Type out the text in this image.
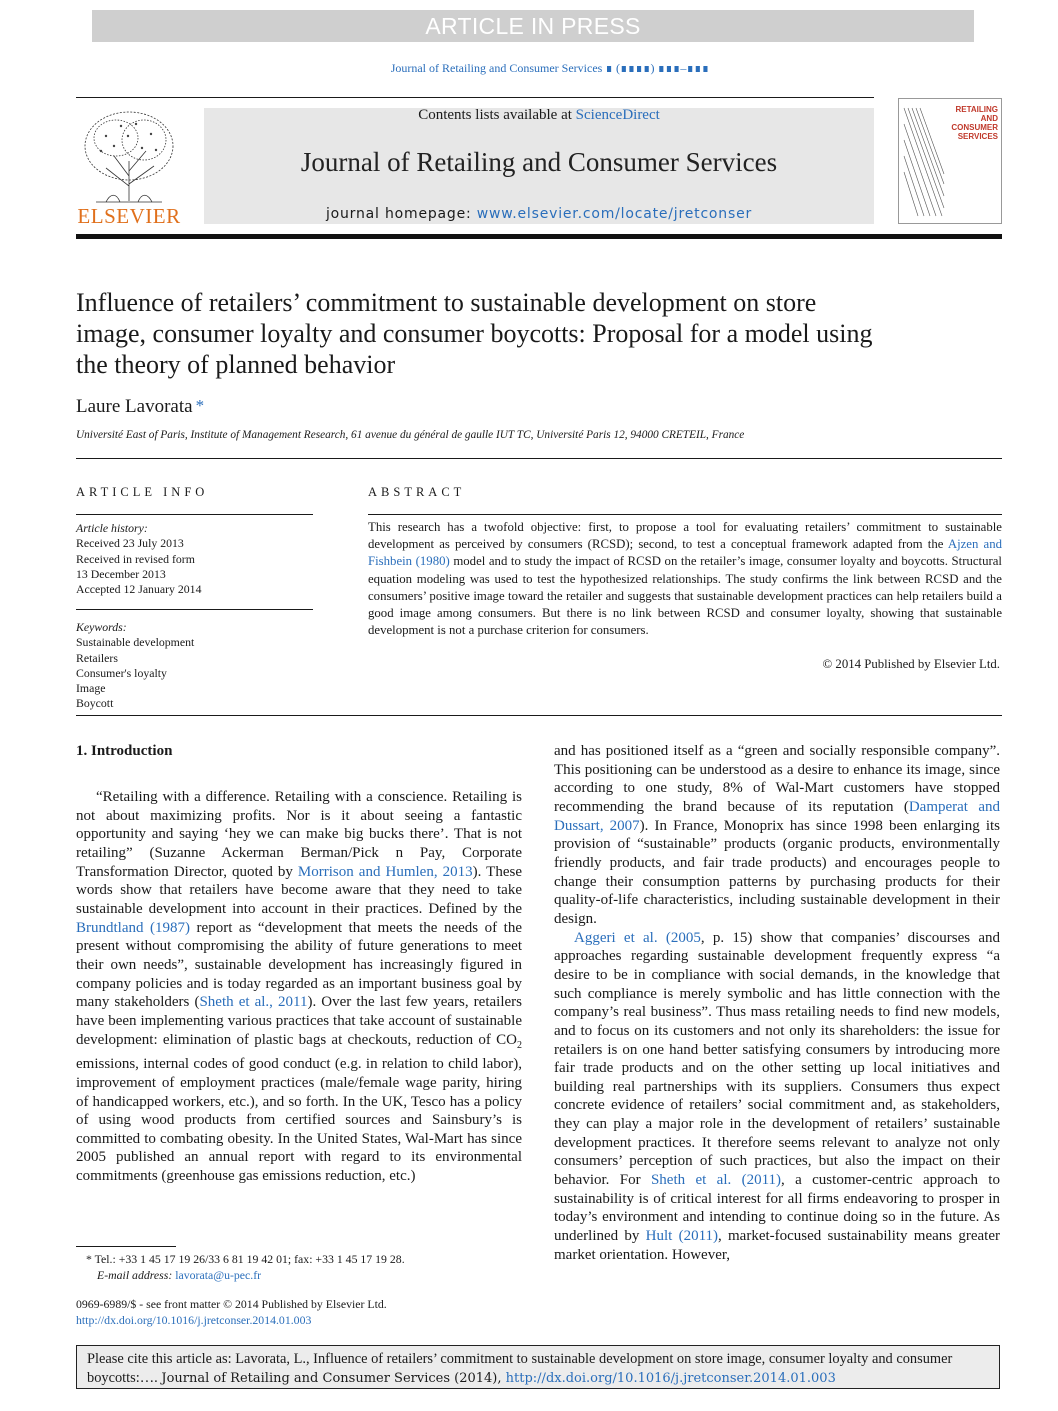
ARTICLE IN PRESS
Journal of Retailing and Consumer Services ∎ (∎∎∎∎) ∎∎∎–∎∎∎
ELSEVIER
Contents lists available at ScienceDirect
Journal of Retailing and Consumer Services
journal homepage: www.elsevier.com/locate/jretconser
RETAILING
AND
CONSUMER
SERVICES
Influence of retailers’ commitment to sustainable development on store image, consumer loyalty and consumer boycotts: Proposal for a model using the theory of planned behavior
Laure Lavorata *
Université East of Paris, Institute of Management Research, 61 avenue du général de gaulle IUT TC, Université Paris 12, 94000 CRETEIL, France
ARTICLE INFO
Article history:
Received 23 July 2013
Received in revised form
13 December 2013
Accepted 12 January 2014
Keywords:
Sustainable development
Retailers
Consumer's loyalty
Image
Boycott
ABSTRACT
This research has a twofold objective: first, to propose a tool for evaluating retailers’ commitment to sustainable development as perceived by consumers (RCSD); second, to test a conceptual framework adapted from the Ajzen and Fishbein (1980) model and to study the impact of RCSD on the retailer’s image, consumer loyalty and boycotts. Structural equation modeling was used to test the hypothesized relationships. The study confirms the link between RCSD and the consumers’ positive image toward the retailer and suggests that sustainable development practices can help retailers build a good image among consumers. But there is no link between RCSD and consumer loyalty, showing that sustainable development is not a purchase criterion for consumers.
© 2014 Published by Elsevier Ltd.
1. Introduction

“Retailing with a difference. Retailing with a conscience. Retailing is not about maximizing profits. Nor is it about seeing a fantastic opportunity and saying ‘hey we can make big bucks there’. That is not retailing” (Suzanne Ackerman Berman/Pick n Pay, Corporate Transformation Director, quoted by Morrison and Humlen, 2013). These words show that retailers have become aware that they need to take sustainable development into account in their practices. Defined by the Brundtland (1987) report as “development that meets the needs of the present without compromising the ability of future generations to meet their own needs”, sustainable development has increasingly figured in company policies and is today regarded as an important business goal by many stakeholders (Sheth et al., 2011). Over the last few years, retailers have been implementing various practices that take account of sustainable development: elimination of plastic bags at checkouts, reduction of $CO_2$ emissions, internal codes of good conduct (e.g. in relation to child labor), improvement of employment practices (male/female wage parity, hiring of handicapped workers, etc.), and so forth. In the UK, Tesco has a policy of using wood products from certified sources and Sainsbury’s is committed to combating obesity. In the United States, Wal-Mart has since 2005 published an annual report with regard to its environmental commitments (greenhouse gas emissions reduction, etc.)

and has positioned itself as a “green and socially responsible company”. This positioning can be understood as a desire to enhance its image, since according to one study, 8% of Wal-Mart customers have stopped recommending the brand because of its reputation (Damperat and Dussart, 2007). In France, Monoprix has since 1998 been enlarging its provision of “sustainable” products (organic products, environmentally friendly products, and fair trade products) and encourages people to change their consumption patterns by purchasing products for their quality-of-life characteristics, including sustainable development in their design.

Aggeri et al. (2005, p. 15) show that companies’ discourses and approaches regarding sustainable development frequently express “a desire to be in compliance with social demands, in the knowledge that such compliance is merely symbolic and has little connection with the company’s real business”. Thus mass retailing needs to find new models, and to focus on its customers and not only its shareholders: the issue for retailers is on one hand better satisfying consumers by introducing more fair trade products and on the other setting up local initiatives and building real partnerships with its suppliers. Consumers thus expect concrete evidence of retailers’ social commitment and, as stakeholders, they can play a major role in the development of retailers’ sustainable development practices. It therefore seems relevant to analyze not only consumers’ perception of such practices, but also the impact on their behavior. For Sheth et al. (2011), a customer-centric approach to sustainability is of critical interest for all firms endeavoring to prosper in today’s environment and intending to continue doing so in the future. As underlined by Hult (2011), market-focused sustainability means greater market orientation. However,

* Tel.: +33 1 45 17 19 26/33 6 81 19 42 01; fax: +33 1 45 17 19 28.
E-mail address: lavorata@u-pec.fr
0969-6989/$ - see front matter © 2014 Published by Elsevier Ltd.
http://dx.doi.org/10.1016/j.jretconser.2014.01.003
Please cite this article as: Lavorata, L., Influence of retailers’ commitment to sustainable development on store image, consumer loyalty and consumer boycotts:…. Journal of Retailing and Consumer Services (2014), http://dx.doi.org/10.1016/j.jretconser.2014.01.003
